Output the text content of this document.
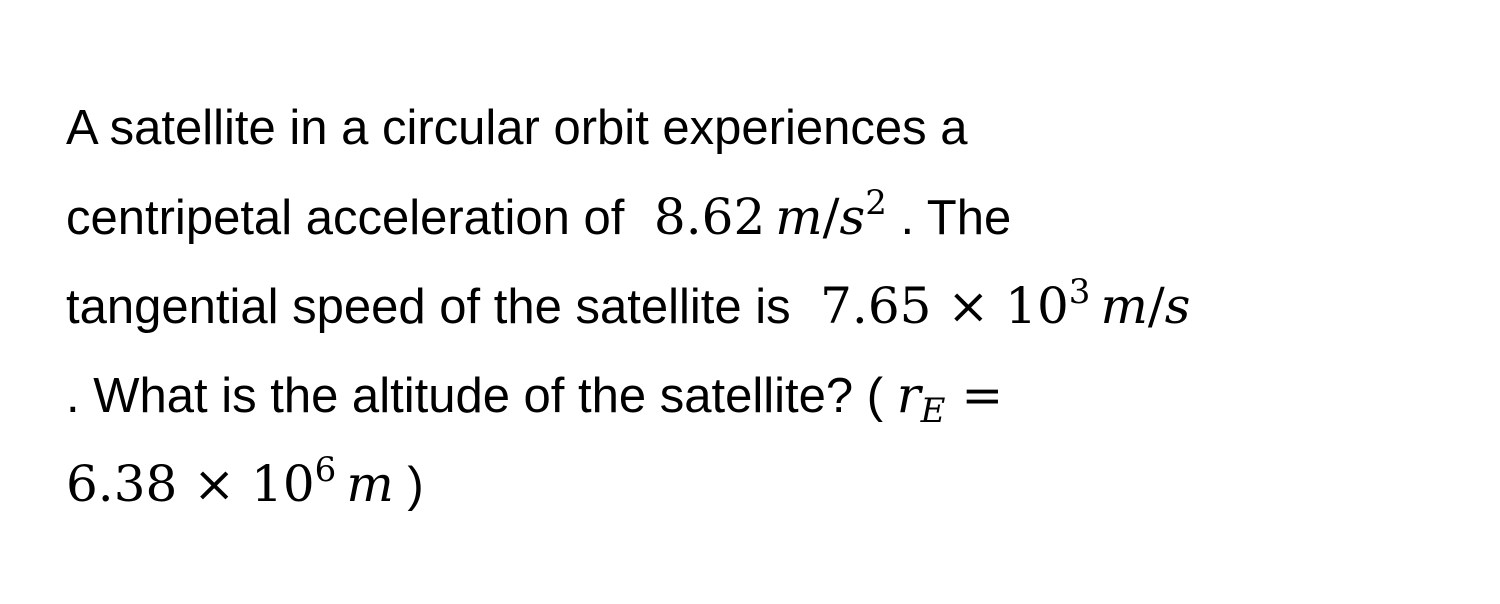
A satellite in a circular orbit experiences a
centripetal acceleration of 8.62  $m/s^2$ . The
tangential speed of the satellite is $7.65 \times 10^3$  m/s
. What is the altitude of the satellite? ( $r_E$ =
$6.38 \times 10^6$  m )
